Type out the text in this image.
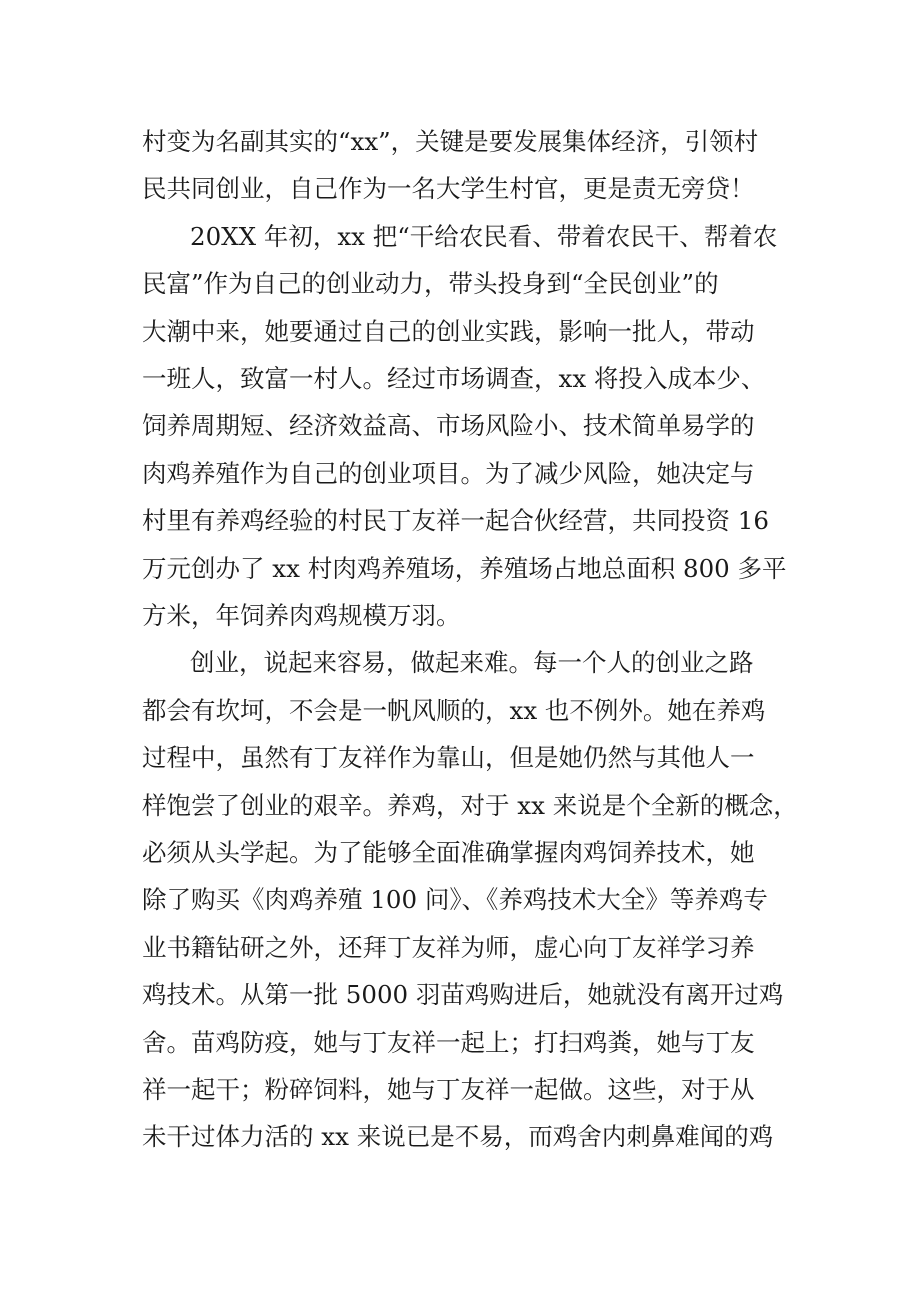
村变为名副其实的“xx”，关键是要发展集体经济，引领村
民共同创业，自己作为一名大学生村官，更是责无旁贷！
20XX 年初，xx 把“干给农民看、带着农民干、帮着农
民富”作为自己的创业动力，带头投身到“全民创业”的
大潮中来，她要通过自己的创业实践，影响一批人，带动
一班人，致富一村人。经过市场调查，xx 将投入成本少、
饲养周期短、经济效益高、市场风险小、技术简单易学的
肉鸡养殖作为自己的创业项目。为了减少风险，她决定与
村里有养鸡经验的村民丁友祥一起合伙经营，共同投资 16
万元创办了 xx 村肉鸡养殖场，养殖场占地总面积 800 多平
方米，年饲养肉鸡规模万羽。
创业，说起来容易，做起来难。每一个人的创业之路
都会有坎坷，不会是一帆风顺的，xx 也不例外。她在养鸡
过程中，虽然有丁友祥作为靠山，但是她仍然与其他人一
样饱尝了创业的艰辛。养鸡，对于 xx 来说是个全新的概念，
必须从头学起。为了能够全面准确掌握肉鸡饲养技术，她
除了购买《肉鸡养殖 100 问》、《养鸡技术大全》等养鸡专
业书籍钻研之外，还拜丁友祥为师，虚心向丁友祥学习养
鸡技术。从第一批 5000 羽苗鸡购进后，她就没有离开过鸡
舍。苗鸡防疫，她与丁友祥一起上；打扫鸡粪，她与丁友
祥一起干；粉碎饲料，她与丁友祥一起做。这些，对于从
未干过体力活的 xx 来说已是不易，而鸡舍内刺鼻难闻的鸡
